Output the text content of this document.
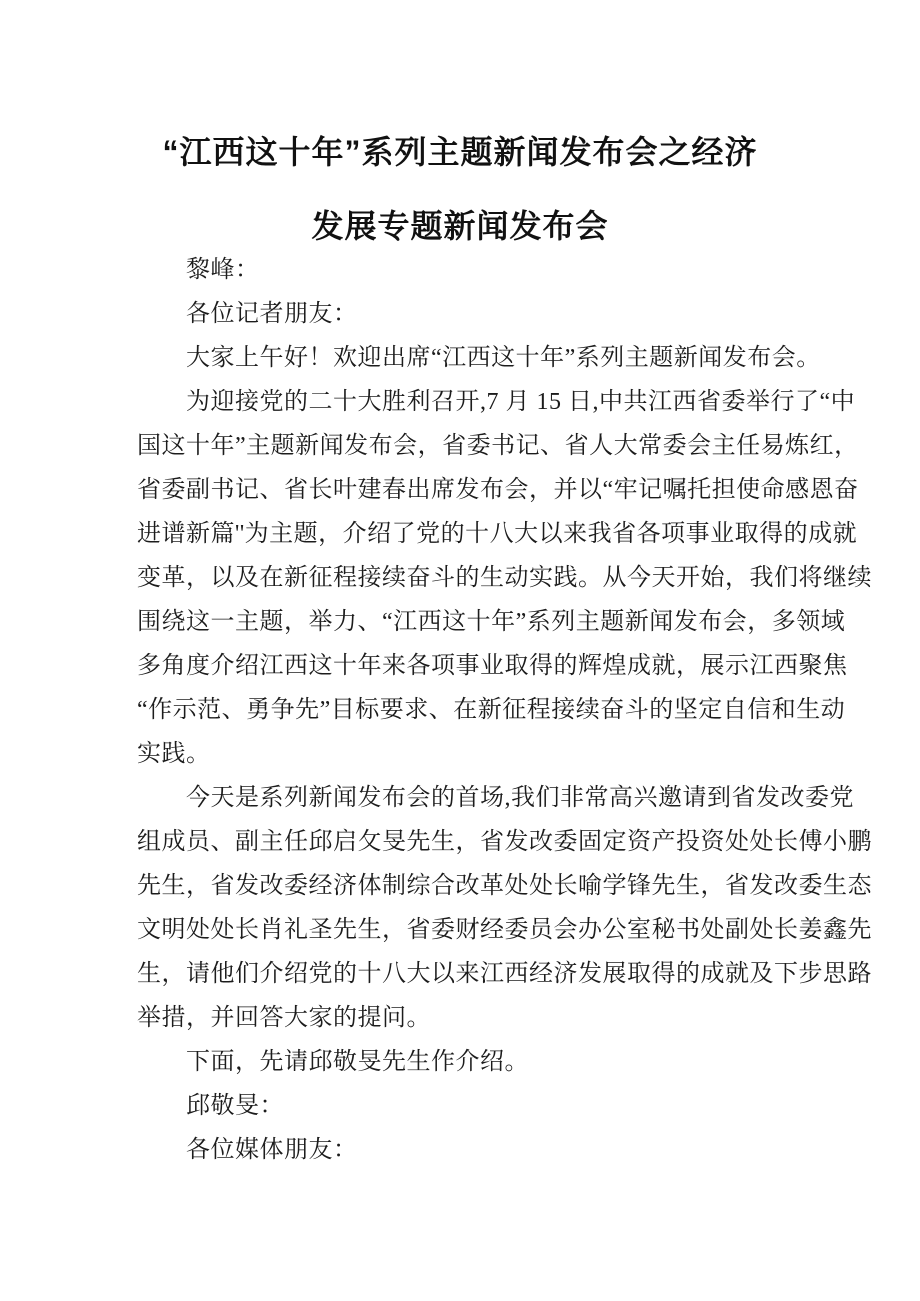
“江西这十年”系列主题新闻发布会之经济
发展专题新闻发布会

黎峰：

各位记者朋友：

大家上午好！欢迎出席“江西这十年”系列主题新闻发布会。

为迎接党的二十大胜利召开,7 月 15 日,中共江西省委举行了“中

国这十年”主题新闻发布会，省委书记、省人大常委会主任易炼红，

省委副书记、省长叶建春出席发布会，并以“牢记嘱托担使命感恩奋

进谱新篇''为主题，介绍了党的十八大以来我省各项事业取得的成就

变革，以及在新征程接续奋斗的生动实践。从今天开始，我们将继续

围绕这一主题，举力、“江西这十年”系列主题新闻发布会，多领域

多角度介绍江西这十年来各项事业取得的辉煌成就，展示江西聚焦

“作示范、勇争先”目标要求、在新征程接续奋斗的坚定自信和生动

实践。

今天是系列新闻发布会的首场,我们非常高兴邀请到省发改委党

组成员、副主任邱启攵旻先生，省发改委固定资产投资处处长傅小鹏

先生，省发改委经济体制综合改革处处长喻学锋先生，省发改委生态

文明处处长肖礼圣先生，省委财经委员会办公室秘书处副处长姜鑫先

生，请他们介绍党的十八大以来江西经济发展取得的成就及下步思路

举措，并回答大家的提问。

下面，先请邱敬旻先生作介绍。

邱敬旻：

各位媒体朋友：
